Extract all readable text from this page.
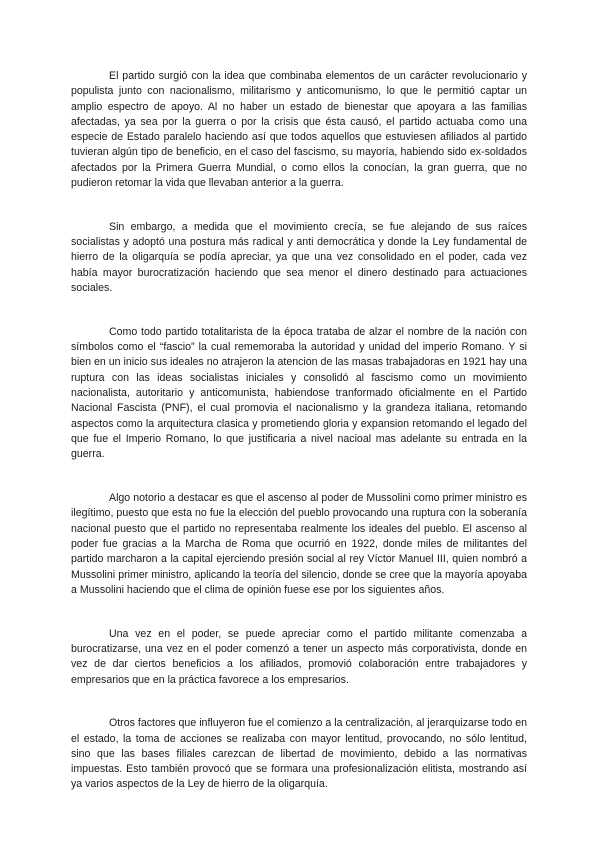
El partido surgió con la idea que combinaba elementos de un carácter revolucionario y populista junto con nacionalismo, militarismo y anticomunismo, lo que le permitió captar un amplio espectro de apoyo. Al no haber un estado de bienestar que apoyara a las familias afectadas, ya sea por la guerra o por la crisis que ésta causó, el partido actuaba como una especie de Estado paralelo haciendo así que todos aquellos que estuviesen afiliados al partido tuvieran algún tipo de beneficio, en el caso del fascismo, su mayoría, habiendo sido ex-soldados afectados por la Primera Guerra Mundial, o como ellos la conocían, la gran guerra, que no pudieron retomar la vida que llevaban anterior a la guerra.

Sin embargo, a medida que el movimiento crecía, se fue alejando de sus raíces socialistas y adoptó una postura más radical y anti democrática y donde la Ley fundamental de hierro de la oligarquía se podía apreciar, ya que una vez consolidado en el poder, cada vez había mayor burocratización haciendo que sea menor el dinero destinado para actuaciones sociales.

Como todo partido totalitarista de la época trataba de alzar el nombre de la nación con símbolos como el “fascio” la cual rememoraba la autoridad y unidad del imperio Romano. Y si bien en un inicio sus ideales no atrajeron la atencion de las masas trabajadoras en 1921 hay una ruptura con las ideas socialistas iniciales y consolidó al fascismo como un movimiento nacionalista, autoritario y anticomunista, habiendose tranformado oficialmente en el Partido Nacional Fascista (PNF), el cual promovia el nacionalismo y la grandeza italiana, retomando aspectos como la arquitectura clasica y prometiendo gloria y expansion retomando el legado del que fue el Imperio Romano, lo que justificaria a nivel nacioal mas adelante su entrada en la guerra.

Algo notorio a destacar es que el ascenso al poder de Mussolini como primer ministro es ilegítimo, puesto que esta no fue la elección del pueblo provocando una ruptura con la soberanía nacional puesto que el partido no representaba realmente los ideales del pueblo. El ascenso al poder fue gracias a la Marcha de Roma que ocurrió en 1922, donde miles de militantes del partido marcharon a la capital ejerciendo presión social al rey Víctor Manuel III, quien nombró a Mussolini primer ministro, aplicando la teoría del silencio, donde se cree que la mayoría apoyaba a Mussolini haciendo que el clima de opinión fuese ese por los siguientes años.

Una vez en el poder, se puede apreciar como el partido militante comenzaba a burocratizarse, una vez en el poder comenzó a tener un aspecto más corporativista, donde en vez de dar ciertos beneficios a los afiliados, promovió colaboración entre trabajadores y empresarios que en la práctica favorece a los empresarios.

Otros factores que influyeron fue el comienzo a la centralización, al jerarquizarse todo en el estado, la toma de acciones se realizaba con mayor lentitud, provocando, no sólo lentitud, sino que las bases filiales carezcan de libertad de movimiento, debido a las normativas impuestas. Esto también provocó que se formara una profesionalización elitista, mostrando así ya varios aspectos de la Ley de hierro de la oligarquía.
